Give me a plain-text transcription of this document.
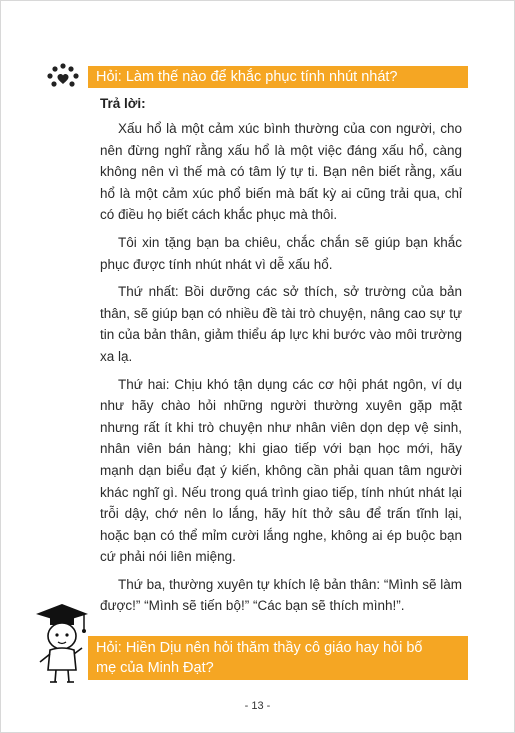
Hỏi: Làm thế nào để khắc phục tính nhút nhát?
Trả lời:

Xấu hổ là một cảm xúc bình thường của con người, cho nên đừng nghĩ rằng xấu hổ là một việc đáng xấu hổ, càng không nên vì thế mà có tâm lý tự ti. Bạn nên biết rằng, xấu hổ là một cảm xúc phổ biến mà bất kỳ ai cũng trải qua, chỉ có điều họ biết cách khắc phục mà thôi.

Tôi xin tặng bạn ba chiêu, chắc chắn sẽ giúp bạn khắc phục được tính nhút nhát vì dễ xấu hổ.

Thứ nhất: Bồi dưỡng các sở thích, sở trường của bản thân, sẽ giúp bạn có nhiều đề tài trò chuyện, nâng cao sự tự tin của bản thân, giảm thiểu áp lực khi bước vào môi trường xa lạ.

Thứ hai: Chịu khó tận dụng các cơ hội phát ngôn, ví dụ như hãy chào hỏi những người thường xuyên gặp mặt nhưng rất ít khi trò chuyện như nhân viên dọn dẹp vệ sinh, nhân viên bán hàng; khi giao tiếp với bạn học mới, hãy mạnh dạn biểu đạt ý kiến, không cần phải quan tâm người khác nghĩ gì. Nếu trong quá trình giao tiếp, tính nhút nhát lại trỗi dậy, chớ nên lo lắng, hãy hít thở sâu để trấn tĩnh lại, hoặc bạn có thể mỉm cười lắng nghe, không ai ép buộc bạn cứ phải nói liên miệng.

Thứ ba, thường xuyên tự khích lệ bản thân: “Mình sẽ làm được!” “Mình sẽ tiến bộ!” “Các bạn sẽ thích mình!”.

Hỏi: Hiền Dịu nên hỏi thăm thầy cô giáo hay hỏi bố mẹ của Minh Đạt?
- 13 -
